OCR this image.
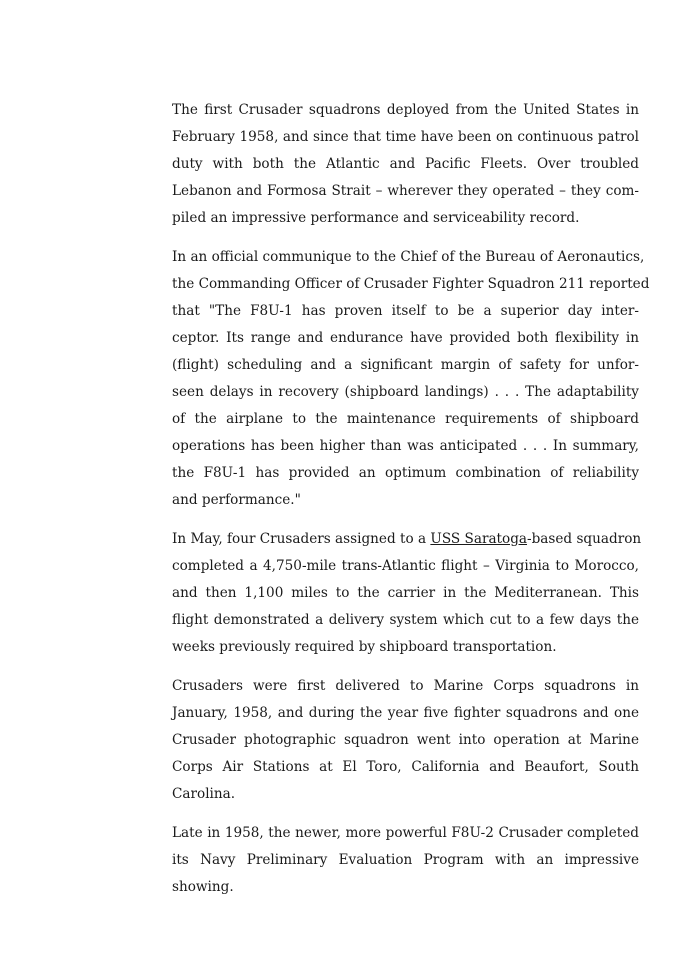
The first Crusader squadrons deployed from the United States in
February 1958, and since that time have been on continuous patrol
duty with both the Atlantic and Pacific Fleets. Over troubled
Lebanon and Formosa Strait – wherever they operated – they com-
piled an impressive performance and serviceability record.

In an official communique to the Chief of the Bureau of Aeronautics,
the Commanding Officer of Crusader Fighter Squadron 211 reported
that "The F8U-1 has proven itself to be a superior day inter-
ceptor. Its range and endurance have provided both flexibility in
(flight) scheduling and a significant margin of safety for unfor-
seen delays in recovery (shipboard landings) . . . The adaptability
of the airplane to the maintenance requirements of shipboard
operations has been higher than was anticipated . . . In summary,
the F8U-1 has provided an optimum combination of reliability
and performance."

In May, four Crusaders assigned to a USS Saratoga-based squadron
completed a 4,750-mile trans-Atlantic flight – Virginia to Morocco,
and then 1,100 miles to the carrier in the Mediterranean. This
flight demonstrated a delivery system which cut to a few days the
weeks previously required by shipboard transportation.

Crusaders were first delivered to Marine Corps squadrons in
January, 1958, and during the year five fighter squadrons and one
Crusader photographic squadron went into operation at Marine
Corps Air Stations at El Toro, California and Beaufort, South
Carolina.

Late in 1958, the newer, more powerful F8U-2 Crusader completed
its Navy Preliminary Evaluation Program with an impressive
showing.
